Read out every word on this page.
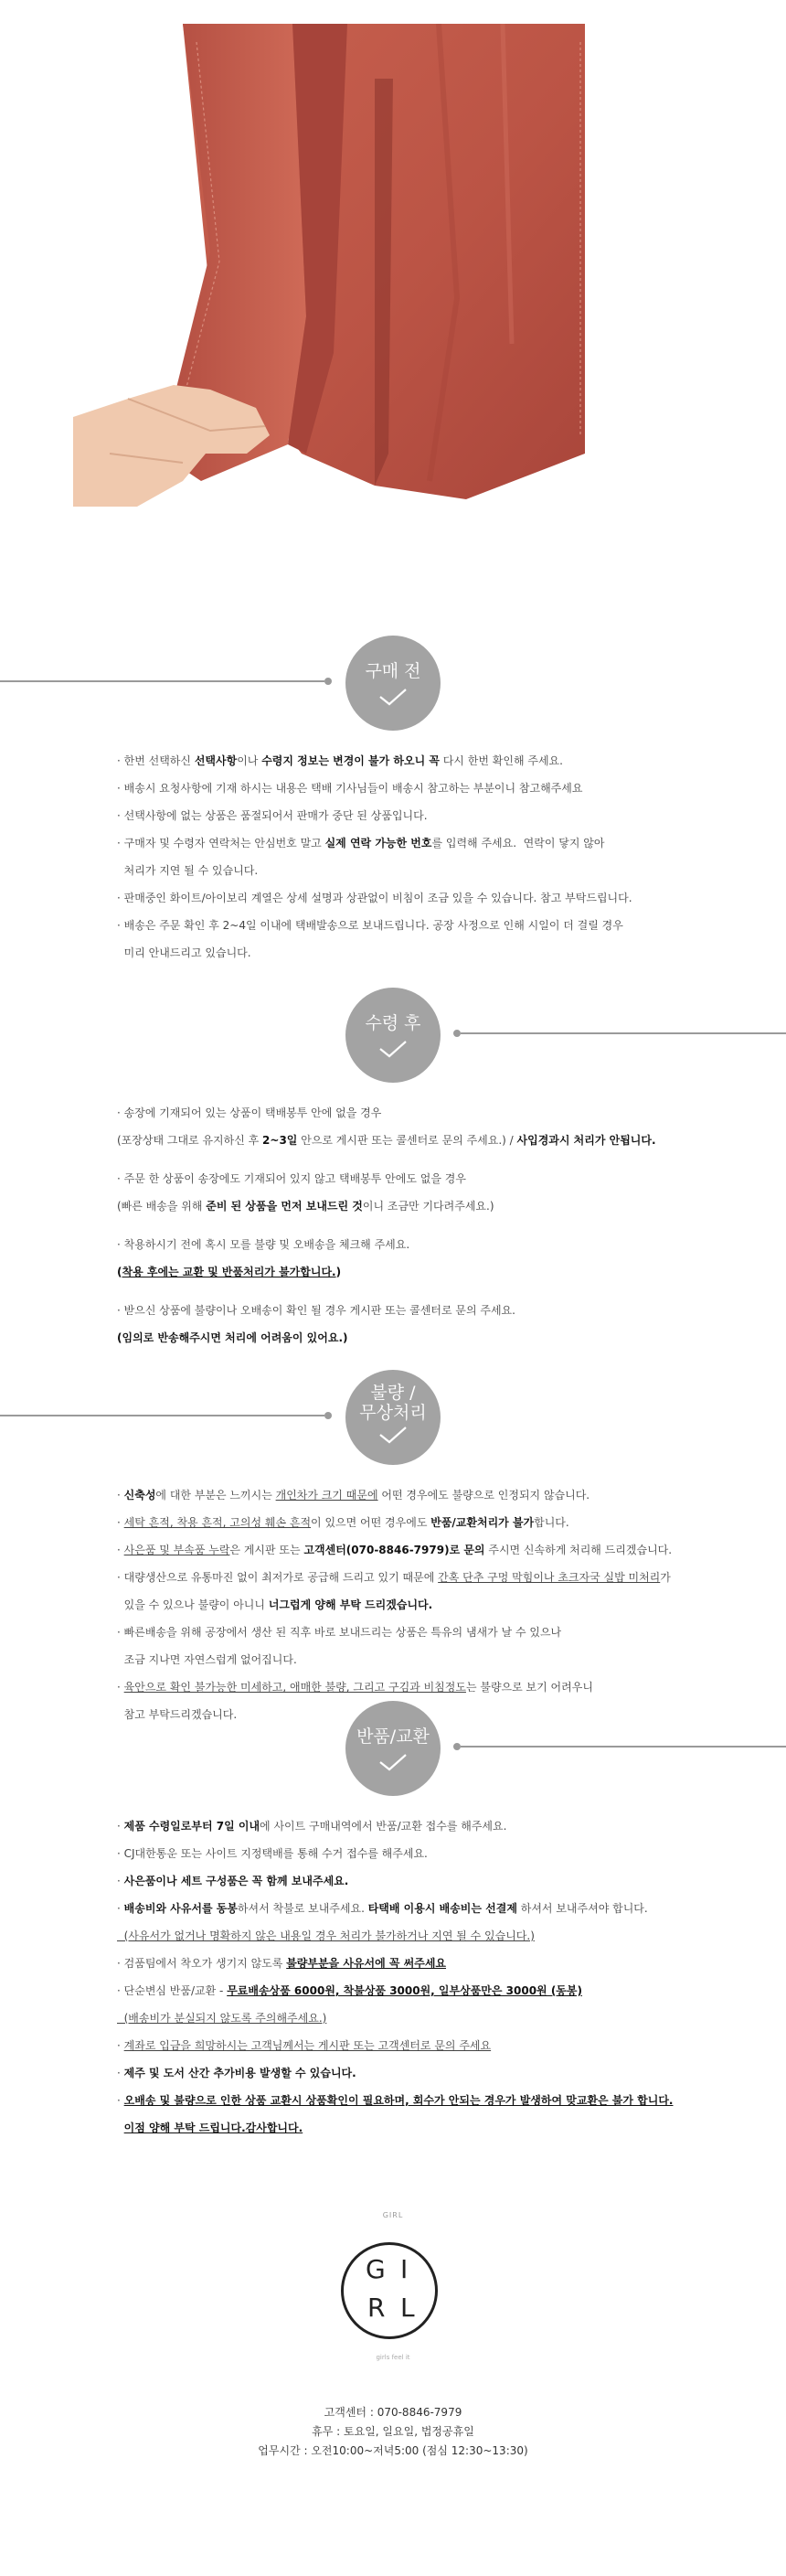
구매 전
· 한번 선택하신 선택사항이나 수령지 정보는 변경이 불가 하오니 꼭 다시 한번 확인해 주세요.
· 배송시 요청사항에 기재 하시는 내용은 택배 기사님들이 배송시 참고하는 부분이니 참고해주세요
· 선택사항에 없는 상품은 품절되어서 판매가 중단 된 상품입니다.
· 구매자 및 수령자 연락처는 안심번호 말고 실제 연락 가능한 번호를 입력해 주세요.  연락이 닿지 않아
처리가 지연 될 수 있습니다.
· 판매중인 화이트/아이보리 계열은 상세 설명과 상관없이 비침이 조금 있을 수 있습니다. 참고 부탁드립니다.
· 배송은 주문 확인 후 2~4일 이내에 택배발송으로 보내드립니다. 공장 사정으로 인해 시일이 더 걸릴 경우
미리 안내드리고 있습니다.
수령 후
· 송장에 기재되어 있는 상품이 택배봉투 안에 없을 경우
(포장상태 그대로 유지하신 후 2~3일 안으로 게시판 또는 콜센터로 문의 주세요.) / 사입경과시 처리가 안됩니다.
· 주문 한 상품이 송장에도 기재되어 있지 않고 택배봉투 안에도 없을 경우
(빠른 배송을 위해 준비 된 상품을 먼저 보내드린 것이니 조금만 기다려주세요.)
· 착용하시기 전에 혹시 모를 불량 및 오배송을 체크해 주세요.
(착용 후에는 교환 및 반품처리가 불가합니다.)
· 받으신 상품에 불량이나 오배송이 확인 될 경우 게시판 또는 콜센터로 문의 주세요.
(임의로 반송해주시면 처리에 어려움이 있어요.)
불량 /
무상처리
· 신축성에 대한 부분은 느끼시는 개인차가 크기 때문에 어떤 경우에도 불량으로 인정되지 않습니다.
· 세탁 흔적, 착용 흔적, 고의성 훼손 흔적이 있으면 어떤 경우에도 반품/교환처리가 불가합니다.
· 사은품 및 부속품 누락은 게시판 또는 고객센터(070-8846-7979)로 문의 주시면 신속하게 처리해 드리겠습니다.
· 대량생산으로 유통마진 없이 최저가로 공급해 드리고 있기 때문에 간혹 단추 구멍 막힘이나 초크자국 실밥 미처리가
있을 수 있으나 불량이 아니니 너그럽게 양해 부탁 드리겠습니다.
· 빠른배송을 위해 공장에서 생산 된 직후 바로 보내드리는 상품은 특유의 냄새가 날 수 있으나
조금 지나면 자연스럽게 없어집니다.
· 육안으로 확인 불가능한 미세하고, 애매한 불량, 그리고 구김과 비침정도는 불량으로 보기 어려우니
참고 부탁드리겠습니다.
반품/교환
· 제품 수령일로부터 7일 이내에 사이트 구매내역에서 반품/교환 접수를 해주세요.
· CJ대한통운 또는 사이트 지정택배를 통해 수거 접수를 해주세요.
· 사은품이나 세트 구성품은 꼭 함께 보내주세요.
· 배송비와 사유서를 동봉하셔서 착불로 보내주세요. 타택배 이용시 배송비는 선결제 하셔서 보내주셔야 합니다.
(사유서가 없거나 명확하지 않은 내용일 경우 처리가 불가하거나 지연 될 수 있습니다.)
· 검품팀에서 착오가 생기지 않도록 불량부분을 사유서에 꼭 써주세요
· 단순변심 반품/교환 - 무료배송상품 6000원, 착불상품 3000원, 일부상품만은 3000원 (동봉)
(배송비가 분실되지 않도록 주의해주세요.)
· 계좌로 입금을 희망하시는 고객님께서는 게시판 또는 고객센터로 문의 주세요
· 제주 및 도서 산간 추가비용 발생할 수 있습니다.
· 오배송 및 불량으로 인한 상품 교환시 상품확인이 필요하며, 회수가 안되는 경우가 발생하여 맞교환은 불가 합니다.
이점 양해 부탁 드립니다.감사합니다.
GIRL
G I
R L
girls feel it
고객센터 : 070-8846-7979
휴무 : 토요일, 일요일, 법정공휴일
업무시간 : 오전10:00~저녁5:00 (점심 12:30~13:30)
